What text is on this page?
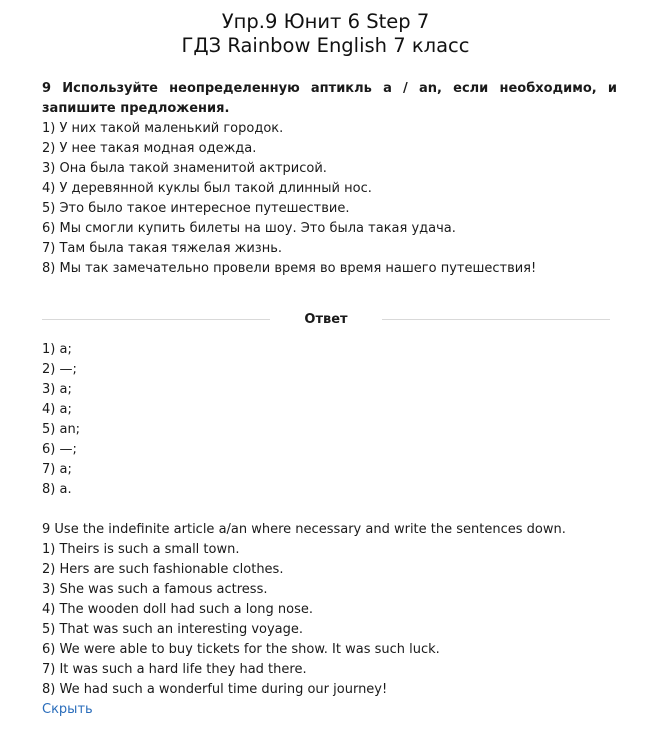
Упр.9 Юнит 6 Step 7
ГДЗ Rainbow English 7 класс

9 Используйте неопределенную аптикль а / an, если необходимо, и запишите предложения.

1) У них такой маленький городок.

2) У нее такая модная одежда.

3) Она была такой знаменитой актрисой.

4) У деревянной куклы был такой длинный нос.

5) Это было такое интересное путешествие.

6) Мы смогли купить билеты на шоу. Это была такая удача.

7) Там была такая тяжелая жизнь.

8) Мы так замечательно провели время во время нашего путешествия!

Ответ

1) a;

2) —;

3) a;

4) a;

5) an;

6) —;

7) a;

8) a.

9 Use the indefinite article a/an where necessary and write the sentences down.

1) Theirs is such a small town.

2) Hers are such fashionable clothes.

3) She was such a famous actress.

4) The wooden doll had such a long nose.

5) That was such an interesting voyage.

6) We were able to buy tickets for the show. It was such luck.

7) It was such a hard life they had there.

8) We had such a wonderful time during our journey!

Скрыть
